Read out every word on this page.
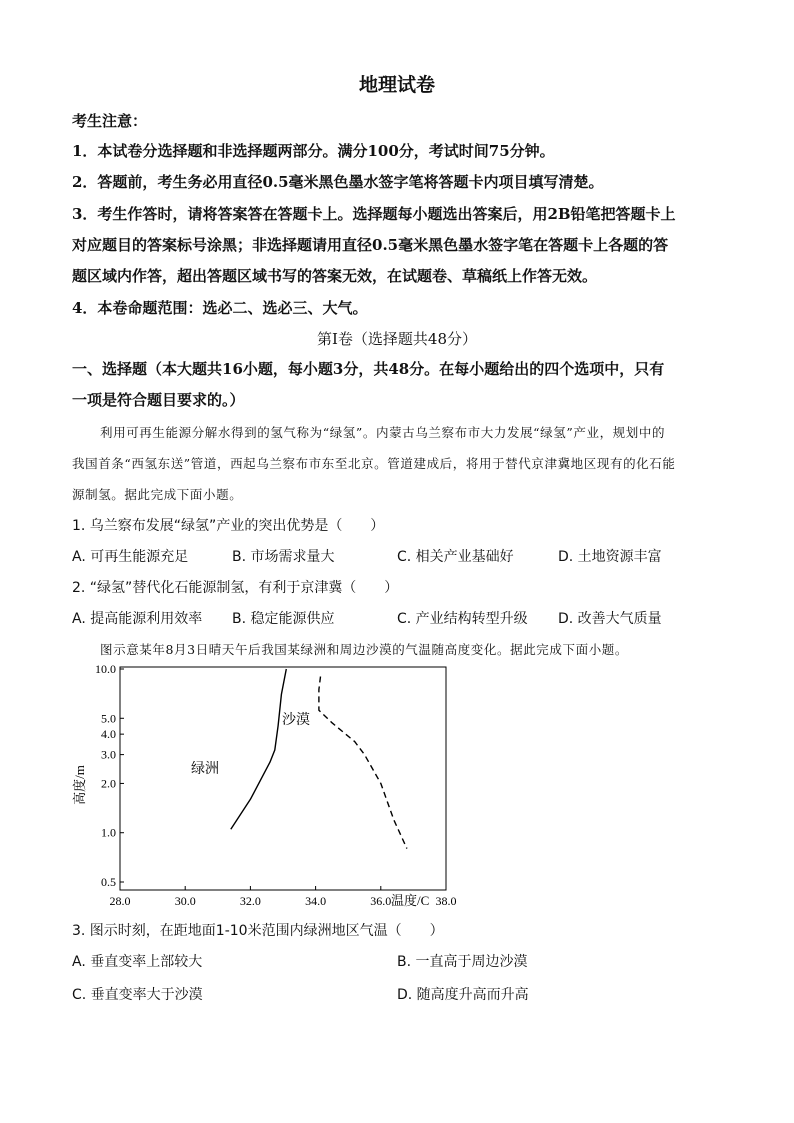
地理试卷
考生注意：
1．本试卷分选择题和非选择题两部分。满分100分，考试时间75分钟。
2．答题前，考生务必用直径0.5毫米黑色墨水签字笔将答题卡内项目填写清楚。
3．考生作答时，请将答案答在答题卡上。选择题每小题选出答案后，用2B铅笔把答题卡上
对应题目的答案标号涂黑；非选择题请用直径0.5毫米黑色墨水签字笔在答题卡上各题的答
题区域内作答，超出答题区域书写的答案无效，在试题卷、草稿纸上作答无效。
4．本卷命题范围：选必二、选必三、大气。
第Ⅰ卷（选择题共48分）
一、选择题（本大题共16小题，每小题3分，共48分。在每小题给出的四个选项中，只有
一项是符合题目要求的。）
利用可再生能源分解水得到的氢气称为“绿氢”。内蒙古乌兰察布市大力发展“绿氢”产业，规划中的
我国首条“西氢东送”管道，西起乌兰察布市东至北京。管道建成后，将用于替代京津冀地区现有的化石能
源制氢。据此完成下面小题。
1. 乌兰察布发展“绿氢”产业的突出优势是（　　）
A. 可再生能源充足	B. 市场需求量大	C. 相关产业基础好	D. 土地资源丰富
2. “绿氢”替代化石能源制氢，有利于京津冀（　　）
A. 提高能源利用效率 B. 稳定能源供应	C. 产业结构转型升级 D. 改善大气质量
图示意某年8月3日晴天午后我国某绿洲和周边沙漠的气温随高度变化。据此完成下面小题。
28.0	30.0	32.0	34.0	36.0	38.0
0.5
1.0
2.0
3.0
4.0
5.0
10.0
高度/m
温度/C
绿洲
沙漠
3. 图示时刻，在距地面1-10米范围内绿洲地区气温（　　）
A. 垂直变率上部较大	B. 一直高于周边沙漠
C. 垂直变率大于沙漠	D. 随高度升高而升高
